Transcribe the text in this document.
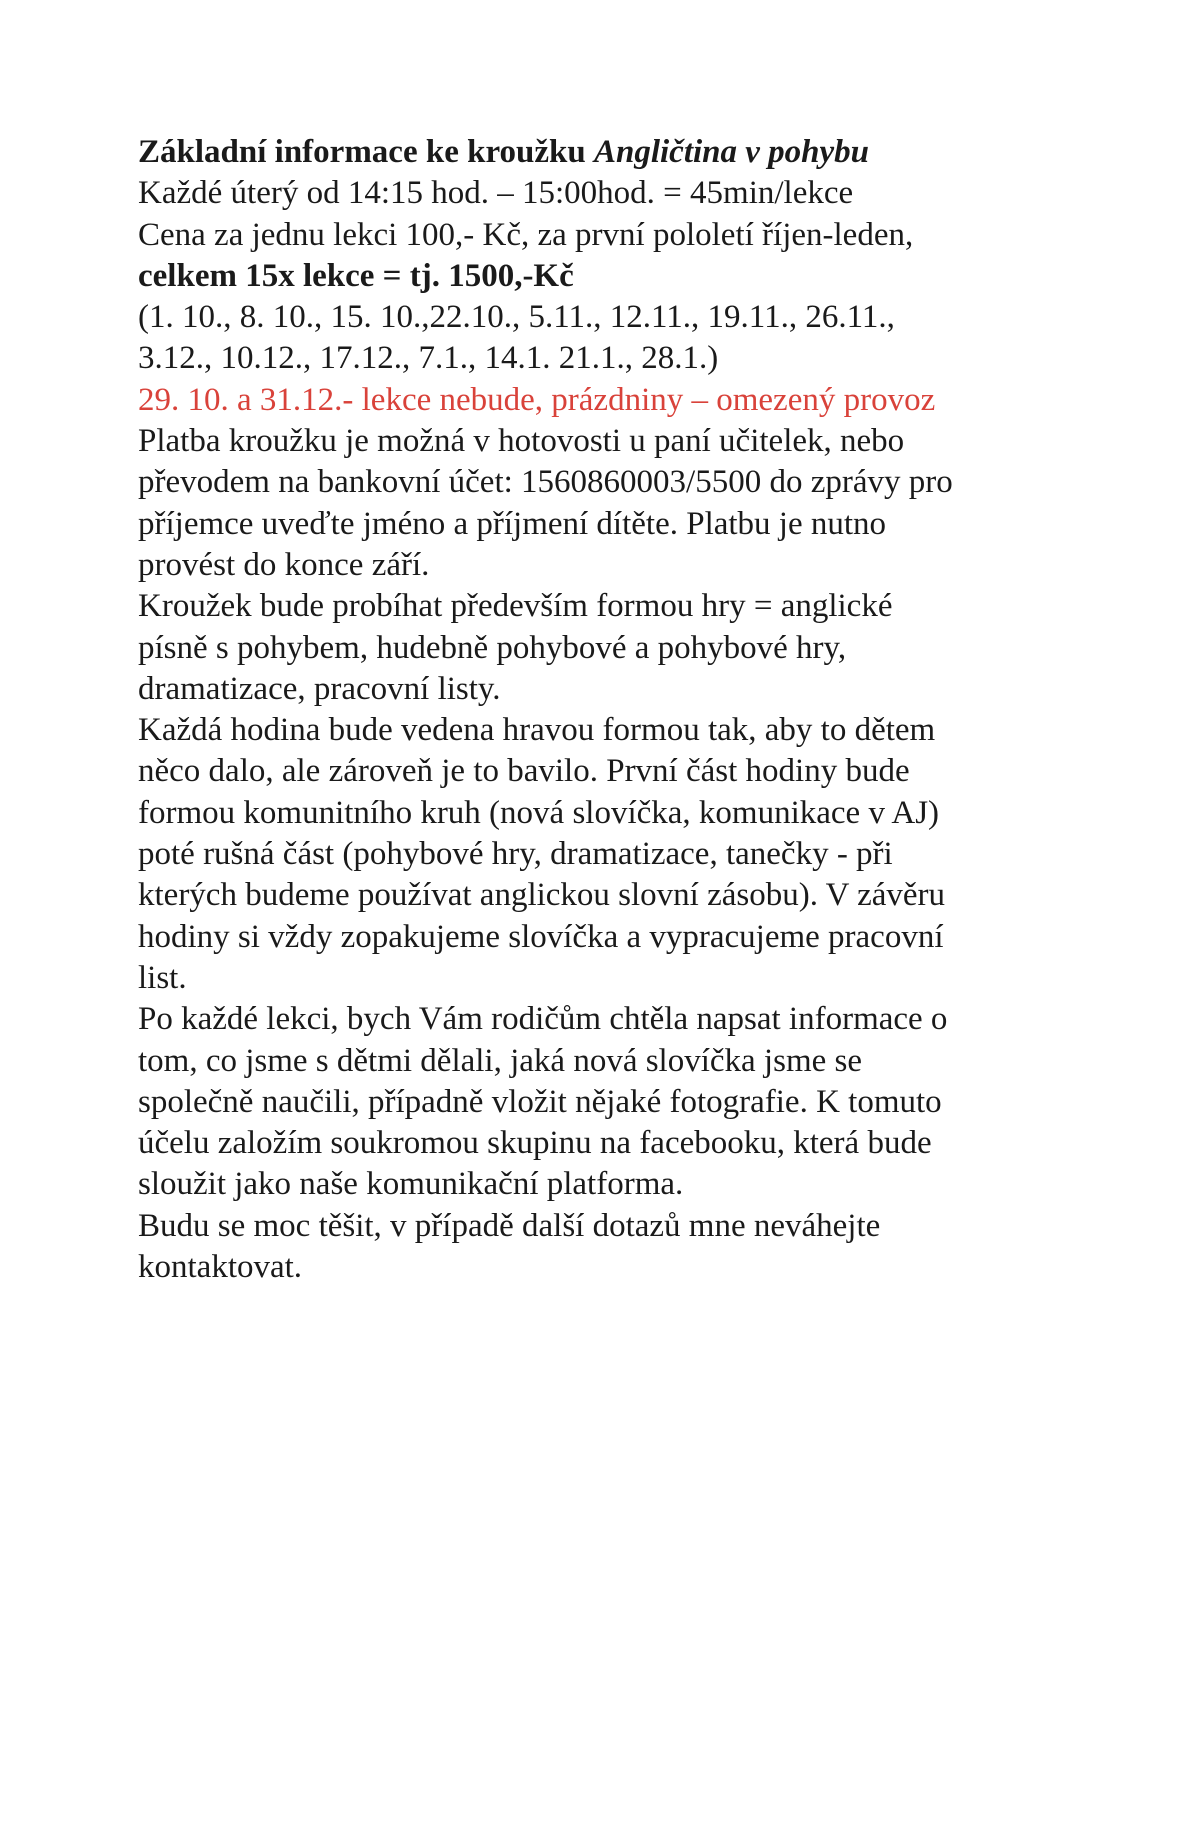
Základní informace ke kroužku Angličtina v pohybu
Každé úterý od 14:15 hod. – 15:00hod. = 45min/lekce
Cena za jednu lekci 100,- Kč, za první pololetí říjen-leden,
celkem 15x lekce = tj. 1500,-Kč
(1. 10., 8. 10., 15. 10.,22.10., 5.11., 12.11., 19.11., 26.11.,
3.12., 10.12., 17.12., 7.1., 14.1. 21.1., 28.1.)
29. 10. a 31.12.- lekce nebude, prázdniny – omezený provoz
Platba kroužku je možná v hotovosti u paní učitelek, nebo
převodem na bankovní účet: 1560860003/5500 do zprávy pro
příjemce uveďte jméno a příjmení dítěte. Platbu je nutno
provést do konce září.
Kroužek bude probíhat především formou hry = anglické
písně s pohybem, hudebně pohybové a pohybové hry,
dramatizace, pracovní listy.
Každá hodina bude vedena hravou formou tak, aby to dětem
něco dalo, ale zároveň je to bavilo. První část hodiny bude
formou komunitního kruh (nová slovíčka, komunikace v AJ)
poté rušná část (pohybové hry, dramatizace, tanečky - při
kterých budeme používat anglickou slovní zásobu). V závěru
hodiny si vždy zopakujeme slovíčka a vypracujeme pracovní
list.
Po každé lekci, bych Vám rodičům chtěla napsat informace o
tom, co jsme s dětmi dělali, jaká nová slovíčka jsme se
společně naučili, případně vložit nějaké fotografie. K tomuto
účelu založím soukromou skupinu na facebooku, která bude
sloužit jako naše komunikační platforma.
Budu se moc těšit, v případě další dotazů mne neváhejte
kontaktovat.
